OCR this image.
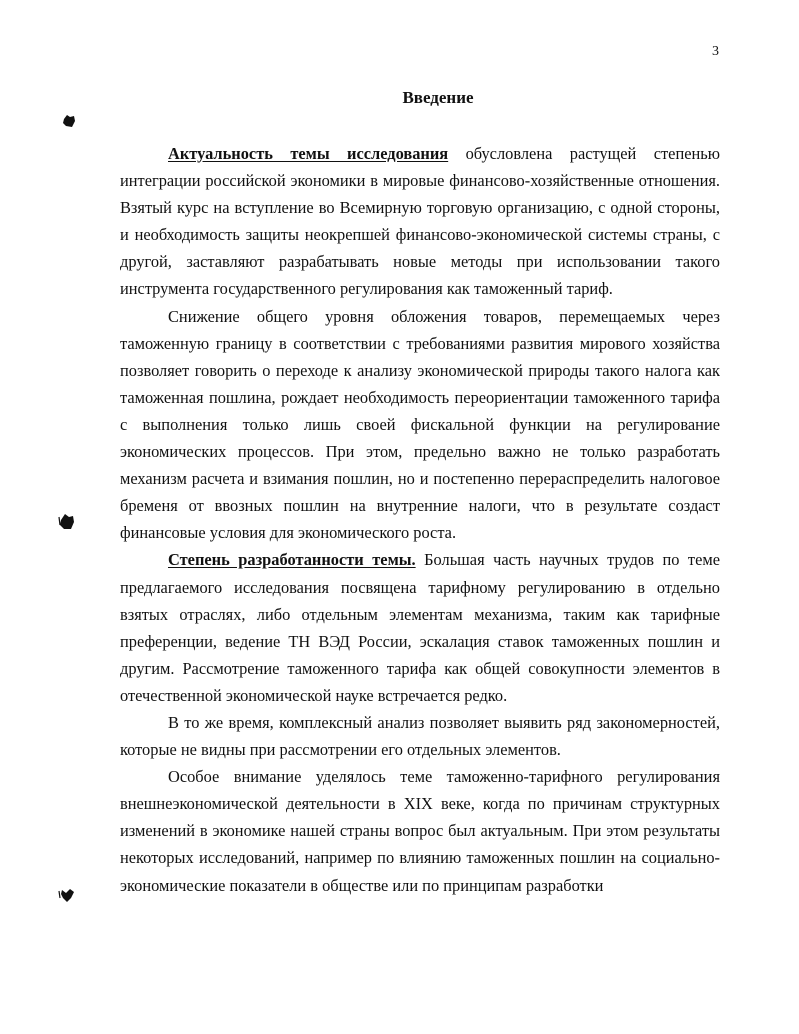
3
Введение

Актуальность темы исследования обусловлена растущей степенью интеграции российской экономики в мировые финансово-хозяйственные отношения. Взятый курс на вступление во Всемирную торговую организацию, с одной стороны, и необходимость защиты неокрепшей финансово-экономической системы страны, с другой, заставляют разрабатывать новые методы при использовании такого инструмента государственного регулирования как таможенный тариф.

Снижение общего уровня обложения товаров, перемещаемых через таможенную границу в соответствии с требованиями развития мирового хозяйства позволяет говорить о переходе к анализу экономической природы такого налога как таможенная пошлина, рождает необходимость переориентации таможенного тарифа с выполнения только лишь своей фискальной функции на регулирование экономических процессов. При этом, предельно важно не только разработать механизм расчета и взимания пошлин, но и постепенно перераспределить налоговое бременя от ввозных пошлин на внутренние налоги, что в результате создаст финансовые условия для экономического роста.

Степень разработанности темы. Большая часть научных трудов по теме предлагаемого исследования посвящена тарифному регулированию в отдельно взятых отраслях, либо отдельным элементам механизма, таким как тарифные преференции, ведение ТН ВЭД России, эскалация ставок таможенных пошлин и другим. Рассмотрение таможенного тарифа как общей совокупности элементов в отечественной экономической науке встречается редко.

В то же время, комплексный анализ позволяет выявить ряд закономерностей, которые не видны при рассмотрении его отдельных элементов.

Особое внимание уделялось теме таможенно-тарифного регулирования внешнеэкономической деятельности в XIX веке, когда по причинам структурных изменений в экономике нашей страны вопрос был актуальным. При этом результаты некоторых исследований, например по влиянию таможенных пошлин на социально-экономические показатели в обществе или по принципам разработки
